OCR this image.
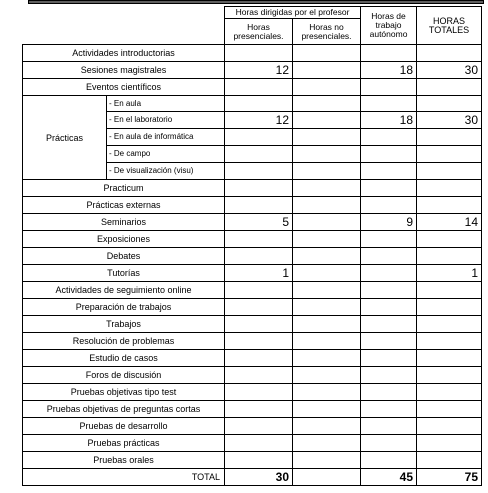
		Horas dirigidas por el profesor		Horas de trabajo autónomo	HORAS TOTALES
		Horas presenciales.	Horas no presenciales.		
Actividades introductorias					
Sesiones magistrales		12		18	30
Eventos científicos					
Prácticas	- En aula				
	- En el laboratorio	12		18	30
	- En aula de informática				
	- De campo				
	- De visualización (visu)				
Practicum					
Prácticas externas					
Seminarios		5		9	14
Exposiciones					
Debates					
Tutorías		1			1
Actividades de seguimiento online					
Preparación de trabajos					
Trabajos					
Resolución de problemas					
Estudio de casos					
Foros de discusión					
Pruebas objetivas tipo test					
Pruebas objetivas de preguntas cortas					
Pruebas de desarrollo					
Pruebas prácticas					
Pruebas orales					
TOTAL		30		45	75
